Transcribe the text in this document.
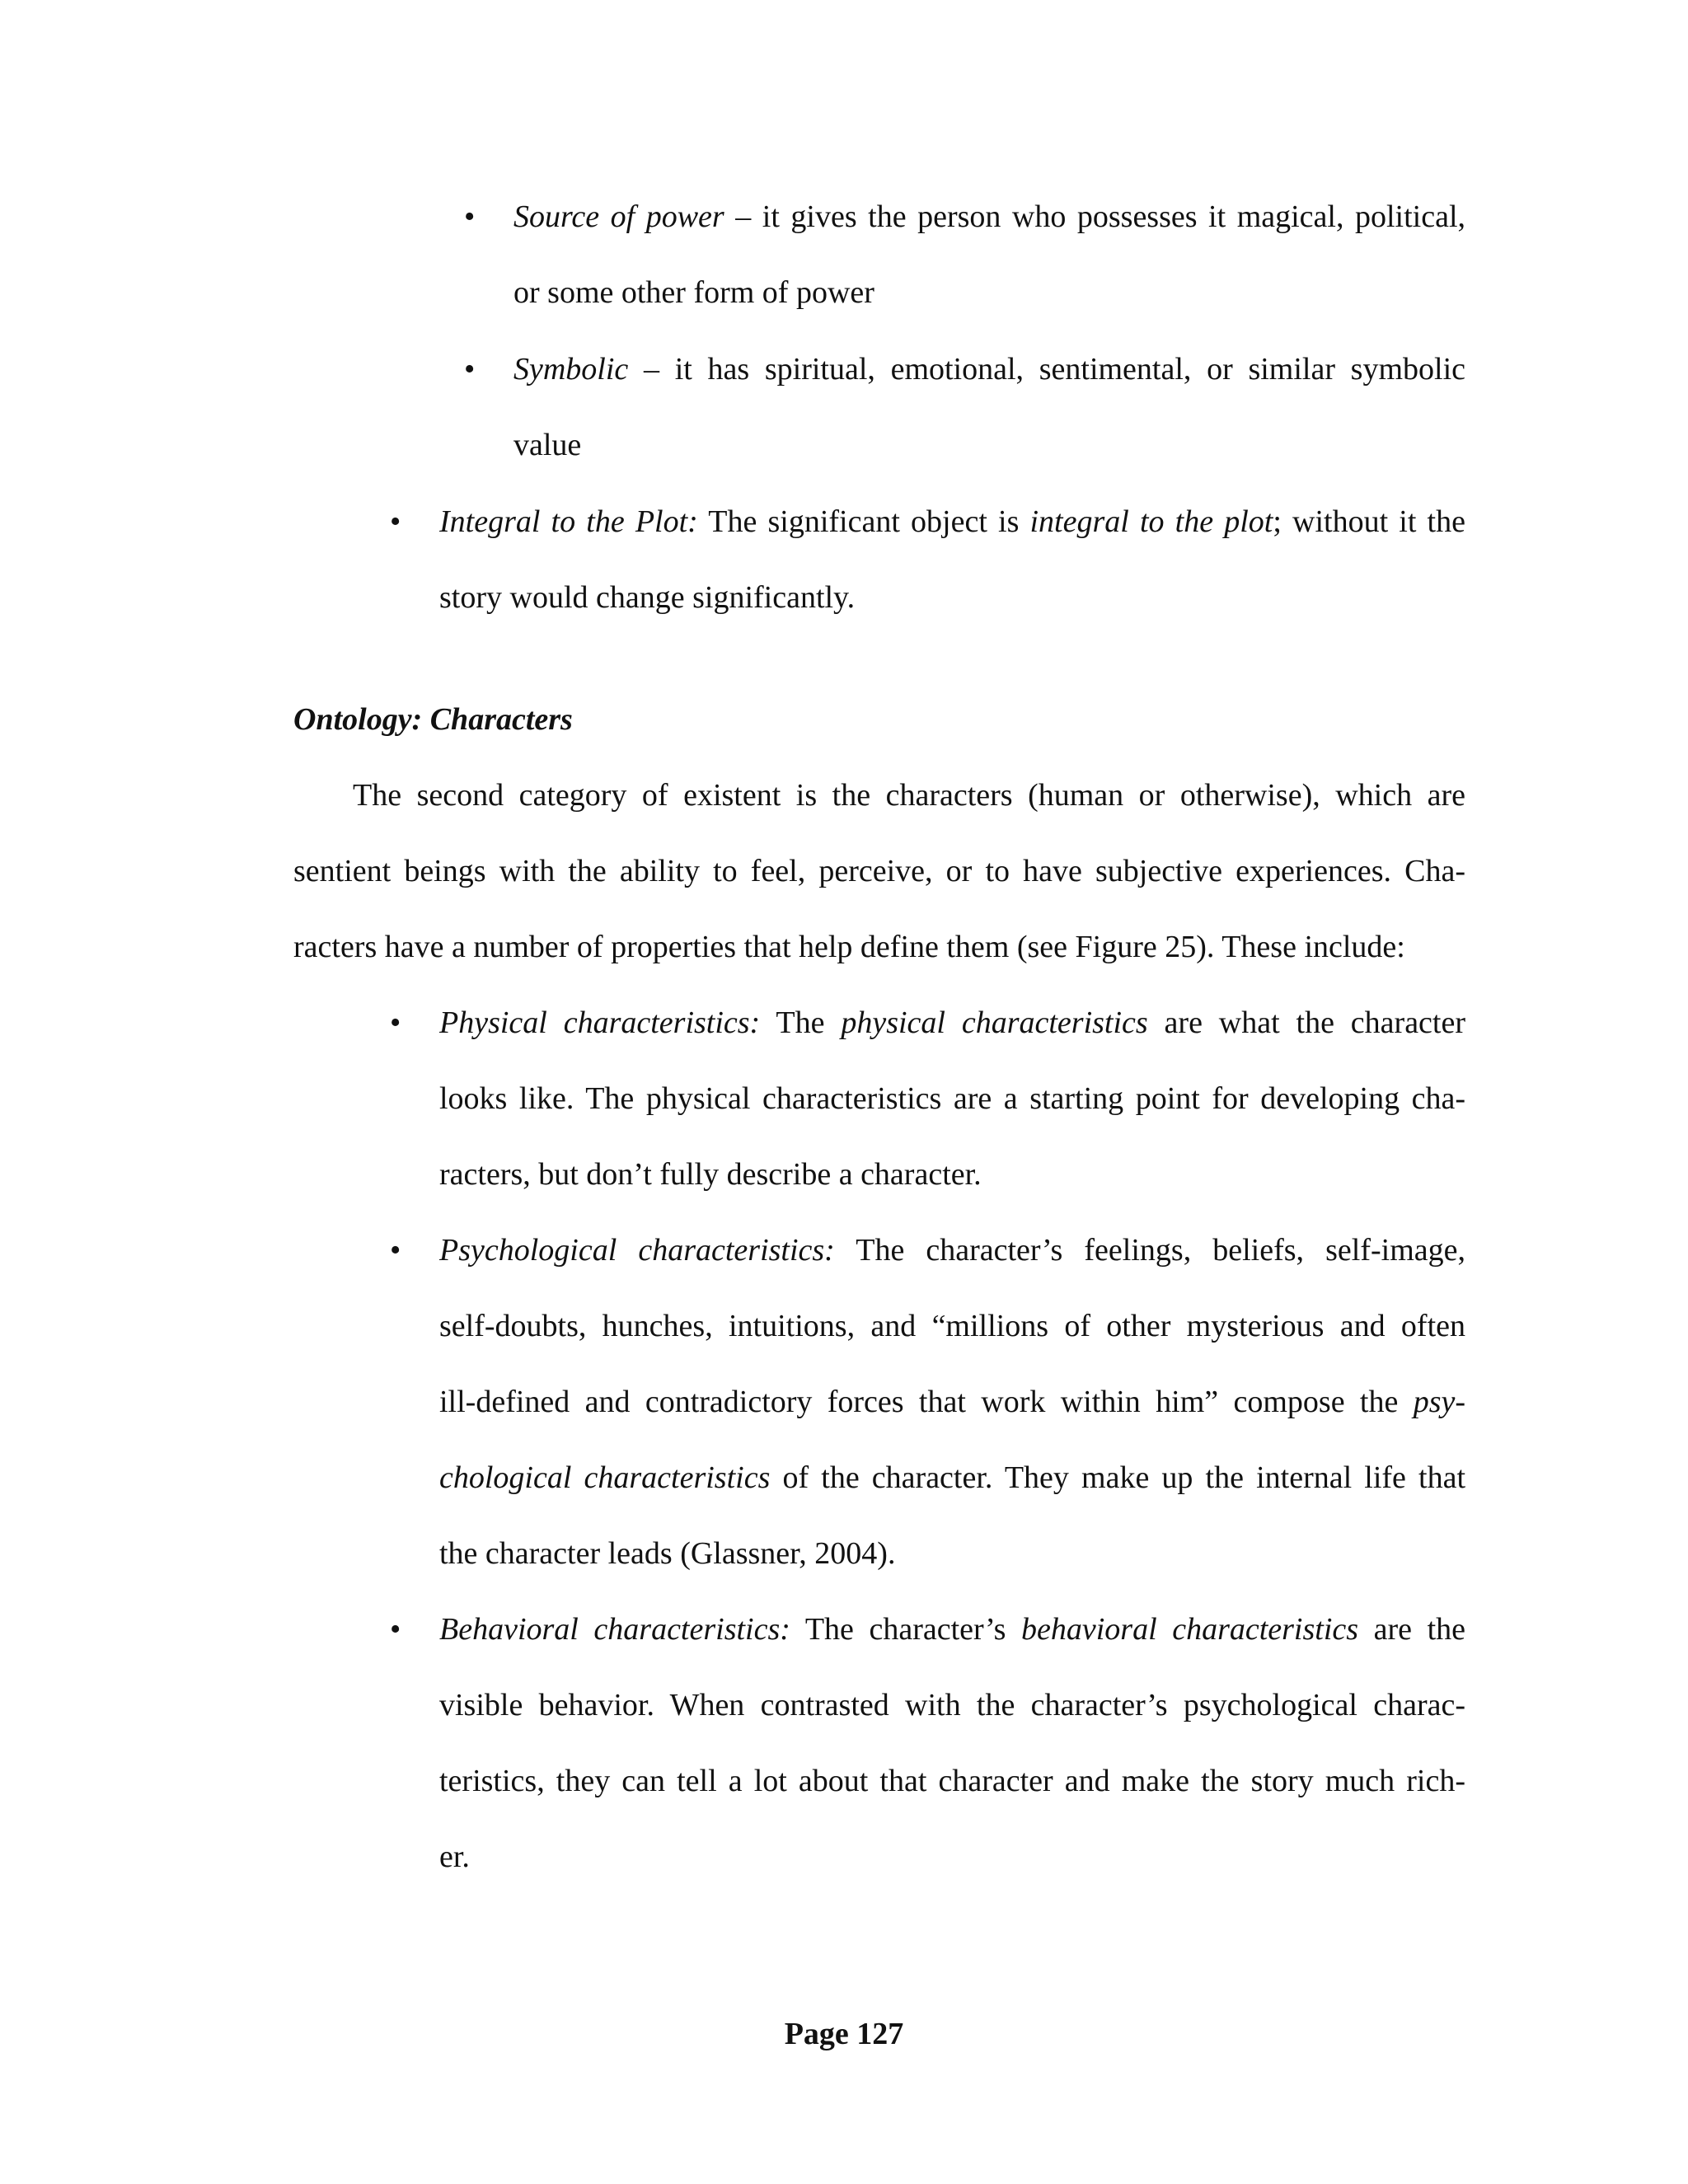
• Source of power – it gives the person who possesses it magical, political,
or some other form of power
• Symbolic – it has spiritual, emotional, sentimental, or similar symbolic
value
• Integral to the Plot: The significant object is integral to the plot; without it the
story would change significantly.
Ontology: Characters
The second category of existent is the characters (human or otherwise), which are
sentient beings with the ability to feel, perceive, or to have subjective experiences. Cha-
racters have a number of properties that help define them (see Figure 25). These include:
• Physical characteristics: The physical characteristics are what the character
looks like. The physical characteristics are a starting point for developing cha-
racters, but don’t fully describe a character.
• Psychological characteristics: The character’s feelings, beliefs, self-image,
self-doubts, hunches, intuitions, and “millions of other mysterious and often
ill-defined and contradictory forces that work within him” compose the psy-
chological characteristics of the character. They make up the internal life that
the character leads (Glassner, 2004).
• Behavioral characteristics: The character’s behavioral characteristics are the
visible behavior. When contrasted with the character’s psychological charac-
teristics, they can tell a lot about that character and make the story much rich-
er.
Page 127
